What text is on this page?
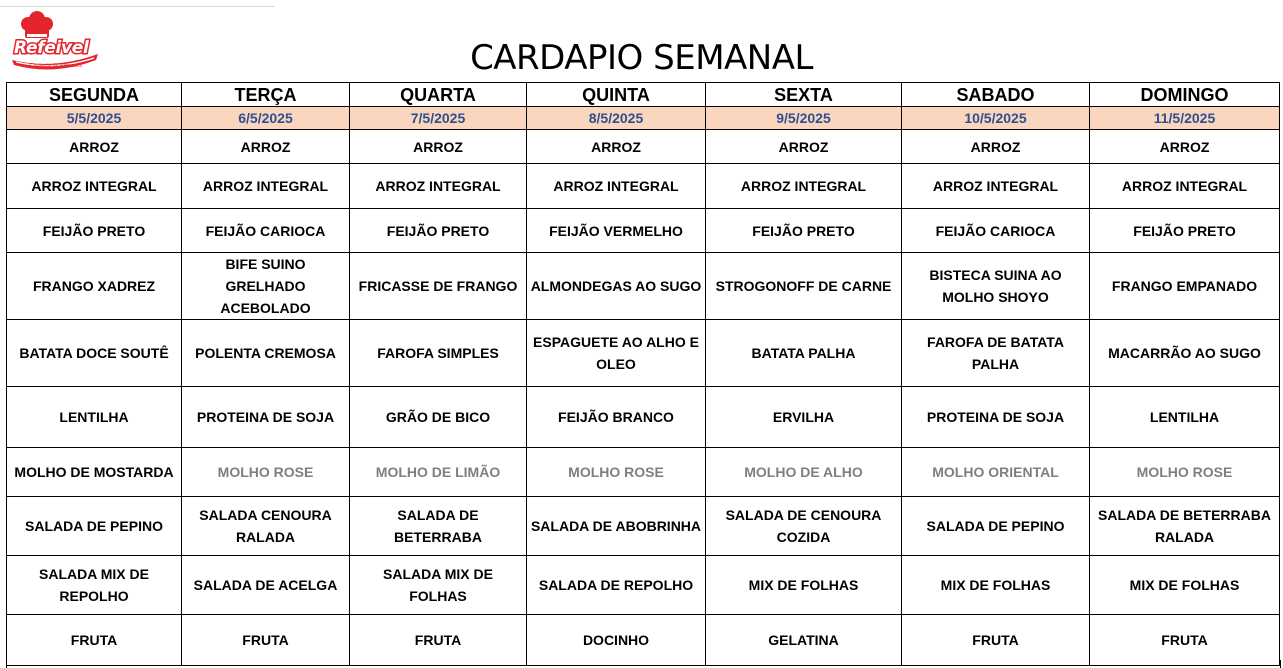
Refeivel
Comercio de Refeicoes	CARDAPIO SEMANAL
SEGUNDA	TERÇA	QUARTA	QUINTA	SEXTA	SABADO	DOMINGO
5/5/2025	6/5/2025	7/5/2025	8/5/2025	9/5/2025	10/5/2025	11/5/2025
ARROZ	ARROZ	ARROZ	ARROZ	ARROZ	ARROZ	ARROZ
ARROZ INTEGRAL	ARROZ INTEGRAL	ARROZ INTEGRAL	ARROZ INTEGRAL	ARROZ INTEGRAL	ARROZ INTEGRAL	ARROZ INTEGRAL
FEIJÃO PRETO	FEIJÃO CARIOCA	FEIJÃO PRETO	FEIJÃO VERMELHO	FEIJÃO PRETO	FEIJÃO CARIOCA	FEIJÃO PRETO
FRANGO XADREZ	BIFE SUINO GRELHADO ACEBOLADO	FRICASSE DE FRANGO	ALMONDEGAS AO SUGO	STROGONOFF DE CARNE	BISTECA SUINA AO MOLHO SHOYO	FRANGO EMPANADO
BATATA DOCE SOUTÊ	POLENTA CREMOSA	FAROFA SIMPLES	ESPAGUETE AO ALHO E OLEO	BATATA PALHA	FAROFA DE BATATA PALHA	MACARRÃO AO SUGO
LENTILHA	PROTEINA DE SOJA	GRÃO DE BICO	FEIJÃO BRANCO	ERVILHA	PROTEINA DE SOJA	LENTILHA
MOLHO DE MOSTARDA	MOLHO ROSE	MOLHO DE LIMÃO	MOLHO ROSE	MOLHO DE ALHO	MOLHO ORIENTAL	MOLHO ROSE
SALADA DE PEPINO	SALADA CENOURA RALADA	SALADA DE BETERRABA	SALADA DE ABOBRINHA	SALADA DE CENOURA COZIDA	SALADA DE PEPINO	SALADA DE BETERRABA RALADA
SALADA MIX DE REPOLHO	SALADA DE ACELGA	SALADA MIX DE FOLHAS	SALADA DE REPOLHO	MIX DE FOLHAS	MIX DE FOLHAS	MIX DE FOLHAS
FRUTA	FRUTA	FRUTA	DOCINHO	GELATINA	FRUTA	FRUTA
